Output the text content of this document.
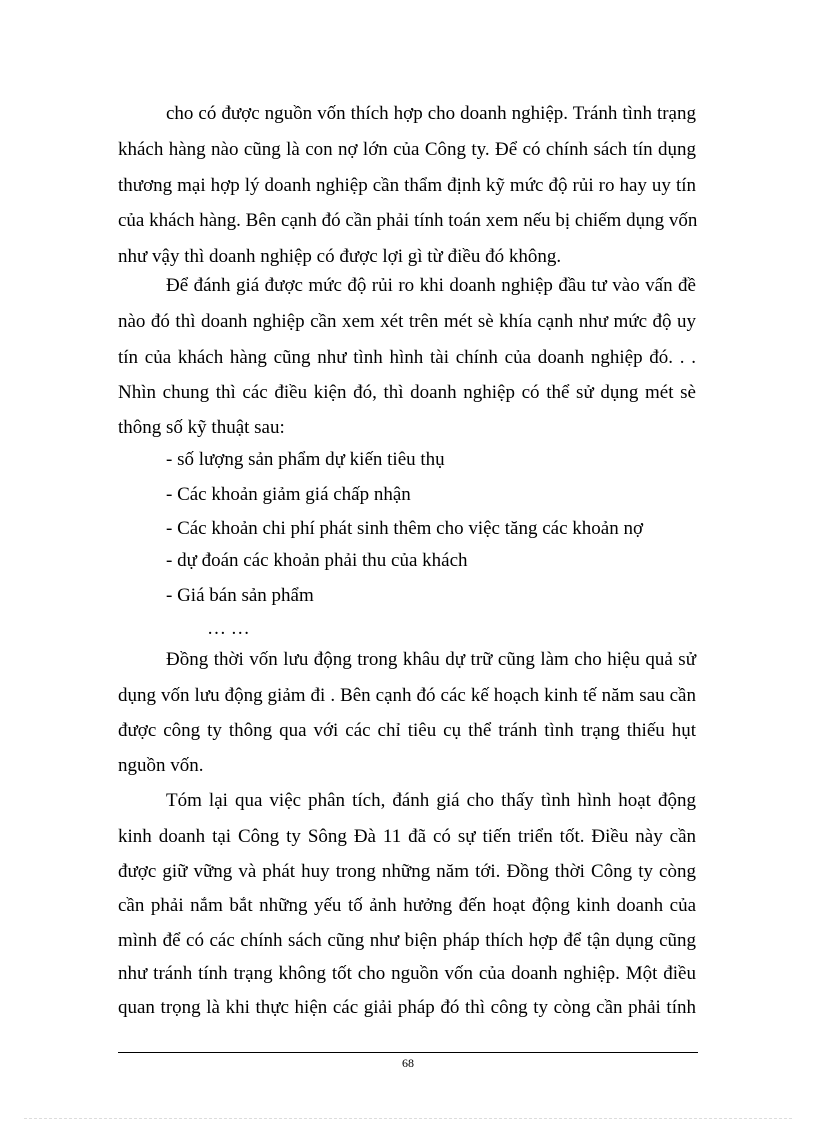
cho có được nguồn vốn thích hợp cho doanh nghiệp. Tránh tình trạng
khách hàng nào cũng là con nợ lớn của Công ty. Để có chính sách tín dụng
thương mại hợp lý doanh nghiệp cần thẩm định kỹ mức độ rủi ro hay uy tín
của khách hàng. Bên cạnh đó cần phải tính toán xem nếu bị chiếm dụng vốn
như vậy thì doanh nghiệp có được lợi gì từ điều đó không.
Để đánh giá được mức độ rủi ro khi doanh nghiệp đầu tư vào vấn đề
nào đó thì doanh nghiệp cần xem xét trên mét sè khía cạnh như mức độ uy
tín của khách hàng cũng như tình hình tài chính của doanh nghiệp đó. . .
Nhìn chung thì các điều kiện đó, thì doanh nghiệp có thể sử dụng mét sè
thông số kỹ thuật sau:
- số lượng sản phẩm dự kiến tiêu thụ
- Các khoản giảm giá chấp nhận
- Các khoản chi phí phát sinh thêm cho việc tăng các khoản nợ
- dự đoán các khoản phải thu của khách
- Giá bán sản phẩm
… …
Đồng thời vốn lưu động trong khâu dự trữ cũng làm cho hiệu quả sử
dụng vốn lưu động giảm đi . Bên cạnh đó các kế hoạch kinh tế năm sau cần
được công ty thông qua với các chỉ tiêu cụ thể tránh tình trạng thiếu hụt
nguồn vốn.
Tóm lại qua việc phân tích, đánh giá cho thấy tình hình hoạt động
kinh doanh tại Công ty Sông Đà 11 đã có sự tiến triển tốt. Điều này cần
được giữ vững và phát huy trong những năm tới. Đồng thời Công ty còng
cần phải nắm bắt những yếu tố ảnh hưởng đến hoạt động kinh doanh của
mình để có các chính sách cũng như biện pháp thích hợp để tận dụng cũng
như tránh tính trạng không tốt cho nguồn vốn của doanh nghiệp. Một điều
quan trọng là khi thực hiện các giải pháp đó thì công ty còng cần phải tính
68
